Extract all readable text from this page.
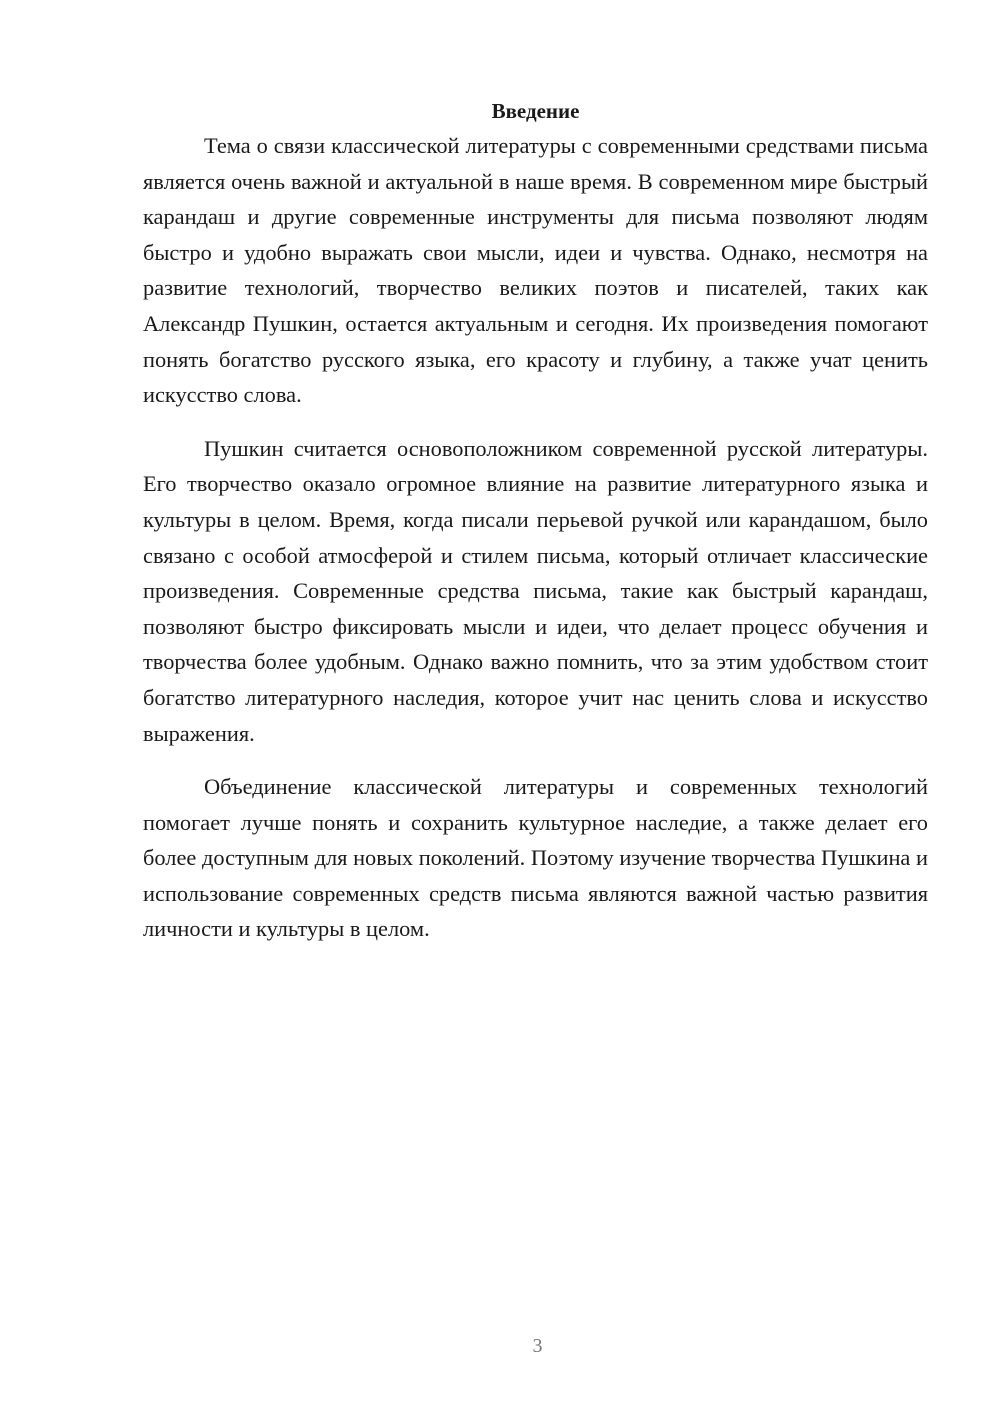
Введение

Тема о связи классической литературы с современными средствами письма является очень важной и актуальной в наше время. В современном мире быстрый карандаш и другие современные инструменты для письма позволяют людям быстро и удобно выражать свои мысли, идеи и чувства. Однако, несмотря на развитие технологий, творчество великих поэтов и писателей, таких как Александр Пушкин, остается актуальным и сегодня. Их произведения помогают понять богатство русского языка, его красоту и глубину, а также учат ценить искусство слова.

Пушкин считается основоположником современной русской литературы. Его творчество оказало огромное влияние на развитие литературного языка и культуры в целом. Время, когда писали перьевой ручкой или карандашом, было связано с особой атмосферой и стилем письма, который отличает классические произведения. Современные средства письма, такие как быстрый карандаш, позволяют быстро фиксировать мысли и идеи, что делает процесс обучения и творчества более удобным. Однако важно помнить, что за этим удобством стоит богатство литературного наследия, которое учит нас ценить слова и искусство выражения.

Объединение классической литературы и современных технологий помогает лучше понять и сохранить культурное наследие, а также делает его более доступным для новых поколений. Поэтому изучение творчества Пушкина и использование современных средств письма являются важной частью развития личности и культуры в целом.

3
